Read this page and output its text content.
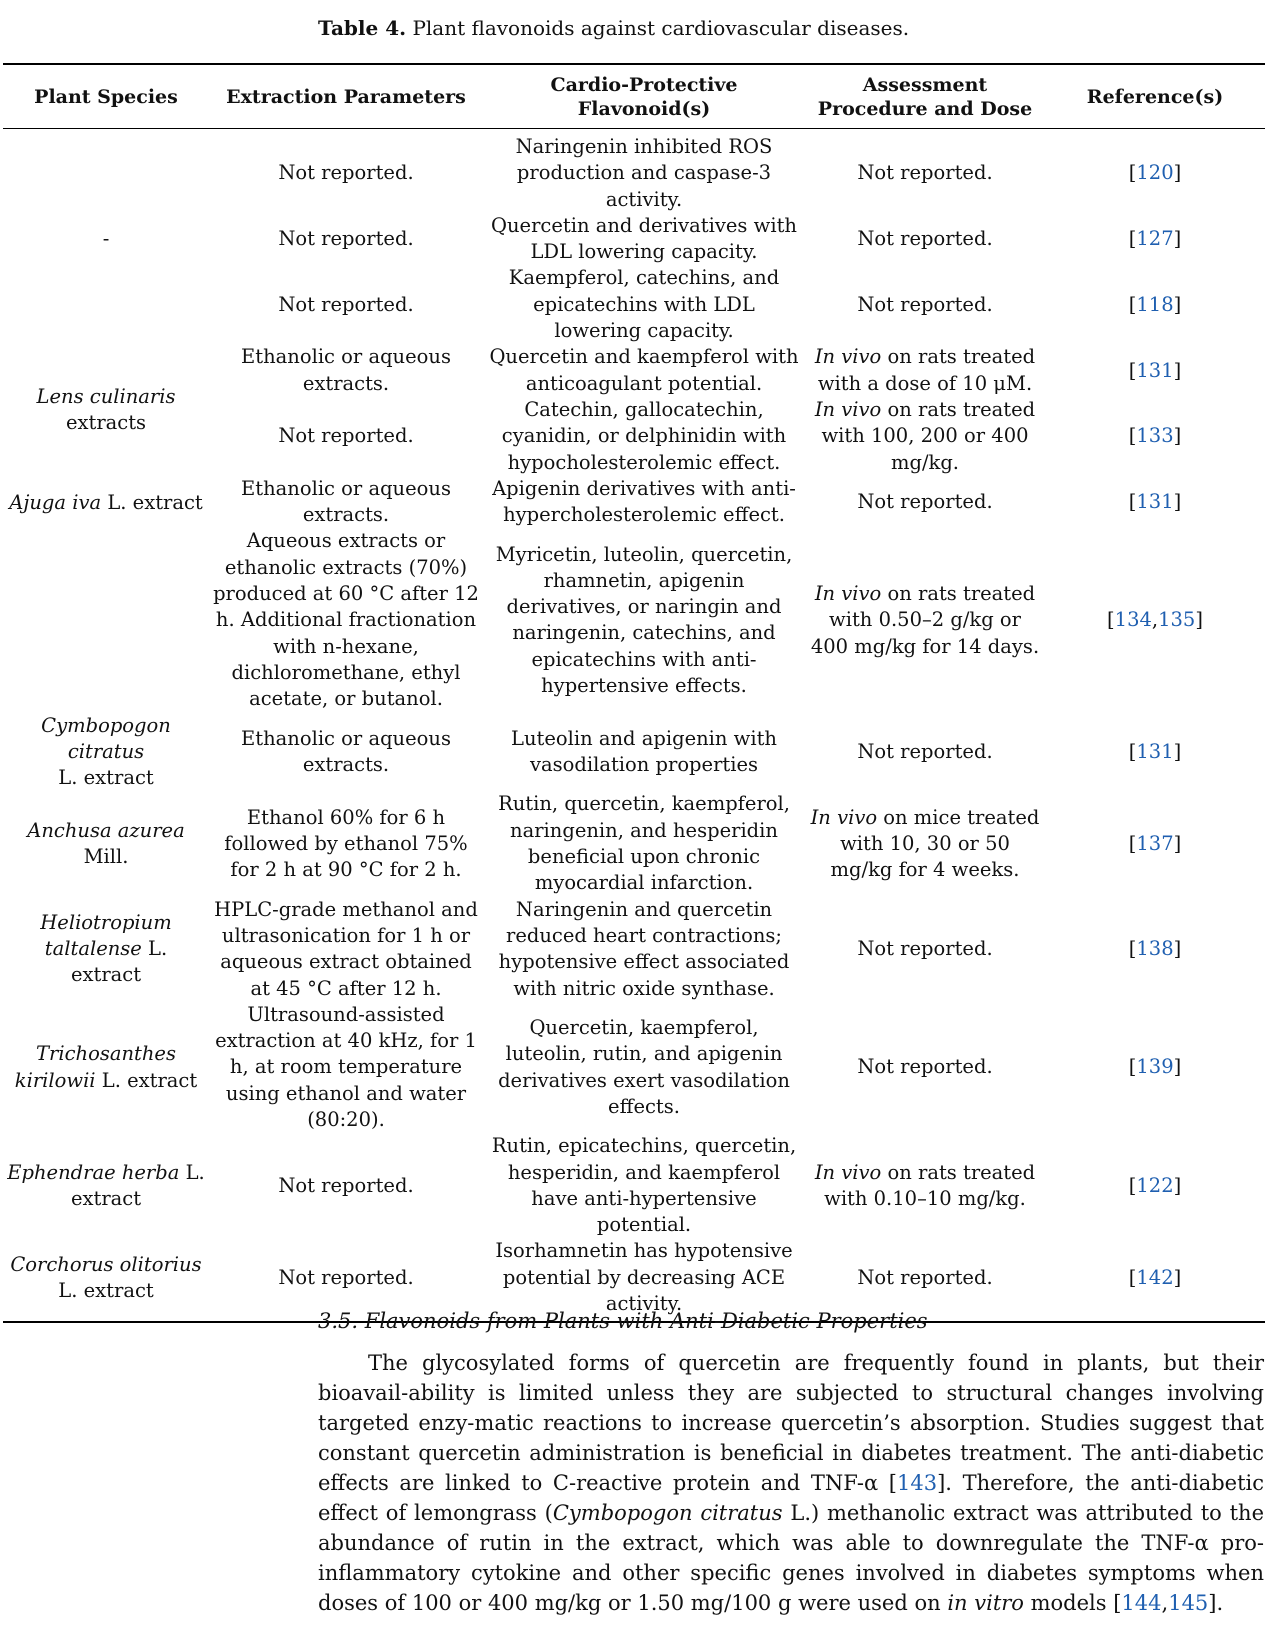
Table 4. Plant flavonoids against cardiovascular diseases.
Plant Species	Extraction Parameters	Cardio-Protective Flavonoid(s)	Assessment Procedure and Dose	Reference(s)
-	Not reported.	Naringenin inhibited ROS production and caspase-3 activity.	Not reported.	[120]
	Not reported.	Quercetin and derivatives with LDL lowering capacity.	Not reported.	[127]
	Not reported.	Kaempferol, catechins, and epicatechins with LDL lowering capacity.	Not reported.	[118]
Lens culinaris
extracts	Ethanolic or aqueous extracts.	Quercetin and kaempferol with anticoagulant potential.	In vivo on rats treated with a dose of 10 μM.	[131]
	Not reported.	Catechin, gallocatechin, cyanidin, or delphinidin with hypocholesterolemic effect.	In vivo on rats treated with 100, 200 or 400 mg/kg.	[133]
Ajuga iva L. extract	Ethanolic or aqueous extracts.	Apigenin derivatives with anti-hypercholesterolemic effect.	Not reported.	[131]
	Aqueous extracts or ethanolic extracts (70%) produced at 60 °C after 12 h. Additional fractionation with n-hexane, dichloromethane, ethyl acetate, or butanol.	Myricetin, luteolin, quercetin, rhamnetin, apigenin derivatives, or naringin and naringenin, catechins, and epicatechins with anti-hypertensive effects.	In vivo on rats treated with 0.50–2 g/kg or 400 mg/kg for 14 days.	[134,135]
Cymbopogon citratus
L. extract	Ethanolic or aqueous extracts.	Luteolin and apigenin with vasodilation properties	Not reported.	[131]
Anchusa azurea Mill.	Ethanol 60% for 6 h followed by ethanol 75% for 2 h at 90 °C for 2 h.	Rutin, quercetin, kaempferol, naringenin, and hesperidin beneficial upon chronic myocardial infarction.	In vivo on mice treated with 10, 30 or 50 mg/kg for 4 weeks.	[137]
Heliotropium taltalense L. extract	HPLC-grade methanol and ultrasonication for 1 h or aqueous extract obtained at 45 °C after 12 h.	Naringenin and quercetin reduced heart contractions; hypotensive effect associated with nitric oxide synthase.	Not reported.	[138]
Trichosanthes kirilowii L. extract	Ultrasound-assisted extraction at 40 kHz, for 1 h, at room temperature using ethanol and water (80:20).	Quercetin, kaempferol, luteolin, rutin, and apigenin derivatives exert vasodilation effects.	Not reported.	[139]
Ephendrae herba L. extract	Not reported.	Rutin, epicatechins, quercetin, hesperidin, and kaempferol have anti-hypertensive potential.	In vivo on rats treated with 0.10–10 mg/kg.	[122]
Corchorus olitorius L. extract	Not reported.	Isorhamnetin has hypotensive potential by decreasing ACE activity.	Not reported.	[142]
3.5. Flavonoids from Plants with Anti-Diabetic Properties

The glycosylated forms of quercetin are frequently found in plants, but their bioavail-ability is limited unless they are subjected to structural changes involving targeted enzy-matic reactions to increase quercetin’s absorption. Studies suggest that constant quercetin administration is beneficial in diabetes treatment. The anti-diabetic effects are linked to C-reactive protein and TNF-α [143]. Therefore, the anti-diabetic effect of lemongrass (Cymbopogon citratus L.) methanolic extract was attributed to the abundance of rutin in the extract, which was able to downregulate the TNF-α pro-inflammatory cytokine and other specific genes involved in diabetes symptoms when doses of 100 or 400 mg/kg or 1.50 mg/100 g were used on in vitro models [144,145].
